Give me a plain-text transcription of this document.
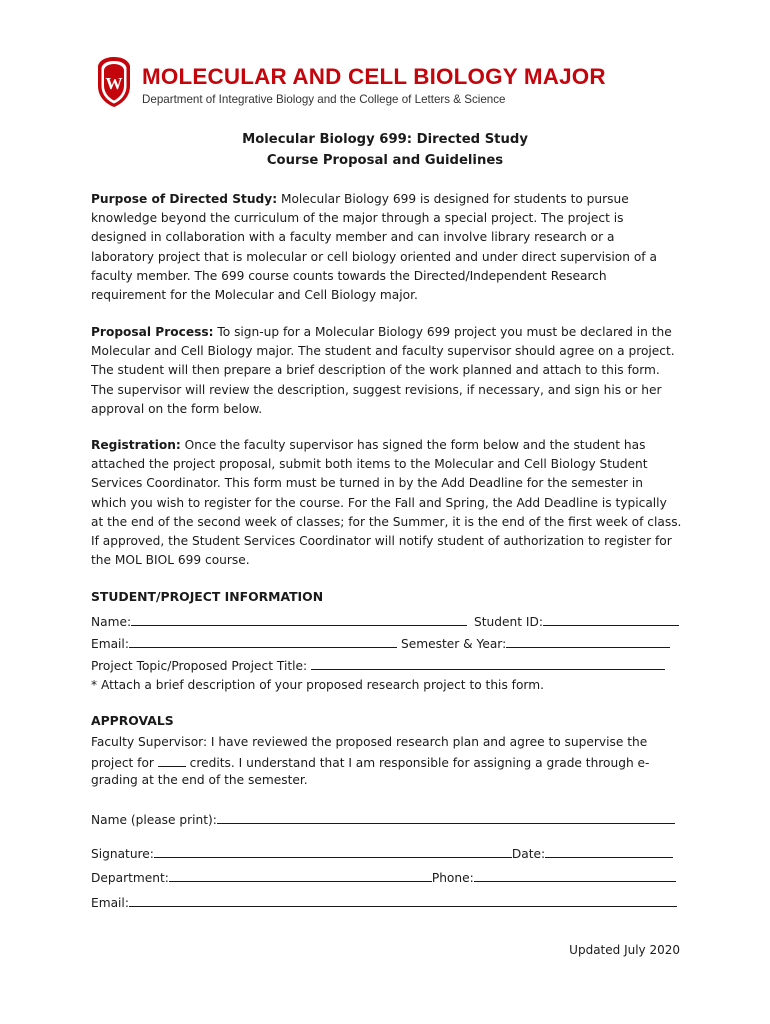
W MOLECULAR AND CELL BIOLOGY MAJOR
Department of Integrative Biology and the College of Letters & Science
Molecular Biology 699: Directed Study
Course Proposal and Guidelines
Purpose of Directed Study: Molecular Biology 699 is designed for students to pursue
knowledge beyond the curriculum of the major through a special project. The project is
designed in collaboration with a faculty member and can involve library research or a
laboratory project that is molecular or cell biology oriented and under direct supervision of a
faculty member. The 699 course counts towards the Directed/Independent Research
requirement for the Molecular and Cell Biology major.
Proposal Process: To sign-up for a Molecular Biology 699 project you must be declared in the
Molecular and Cell Biology major. The student and faculty supervisor should agree on a project.
The student will then prepare a brief description of the work planned and attach to this form.
The supervisor will review the description, suggest revisions, if necessary, and sign his or her
approval on the form below.
Registration: Once the faculty supervisor has signed the form below and the student has
attached the project proposal, submit both items to the Molecular and Cell Biology Student
Services Coordinator. This form must be turned in by the Add Deadline for the semester in
which you wish to register for the course. For the Fall and Spring, the Add Deadline is typically
at the end of the second week of classes; for the Summer, it is the end of the first week of class.
If approved, the Student Services Coordinator will notify student of authorization to register for
the MOL BIOL 699 course.
STUDENT/PROJECT INFORMATION
Name:	Student ID:
Email:	Semester & Year:
Project Topic/Proposed Project Title:
* Attach a brief description of your proposed research project to this form.
APPROVALS
Faculty Supervisor: I have reviewed the proposed research plan and agree to supervise the
project for  credits. I understand that I am responsible for assigning a grade through e-
grading at the end of the semester.
Name (please print):
Signature:	Date:
Department:	Phone:
Email:
Updated July 2020
